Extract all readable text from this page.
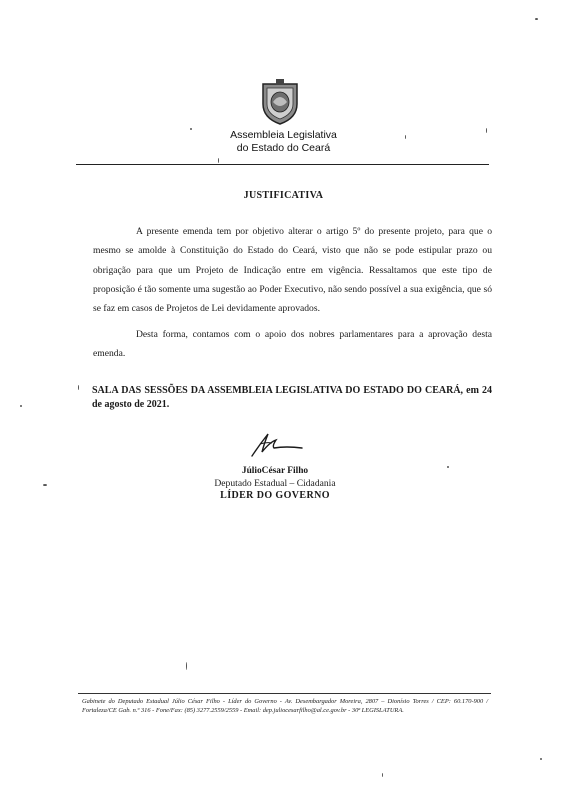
Assembleia Legislativa
do Estado do Ceará
JUSTIFICATIVA
A presente emenda tem por objetivo alterar o artigo 5º do presente projeto, para que o mesmo se amolde à Constituição do Estado do Ceará, visto que não se pode estipular prazo ou obrigação para que um Projeto de Indicação entre em vigência. Ressaltamos que este tipo de proposição é tão somente uma sugestão ao Poder Executivo, não sendo possível a sua exigência, que só se faz em casos de Projetos de Lei devidamente aprovados.
Desta forma, contamos com o apoio dos nobres parlamentares para a aprovação desta emenda.
SALA DAS SESSÕES DA ASSEMBLEIA LEGISLATIVA DO ESTADO DO CEARÁ, em 24 de agosto de 2021.
JúlioCésar Filho
Deputado Estadual – Cidadania
LÍDER DO GOVERNO
Gabinete do Deputado Estadual Júlio César Filho - Líder do Governo - Av. Desembargador Moreira, 2807 – Dionísio Torres / CEP: 60.170-900 / Fortaleza/CE Gab. n.º 316 - Fone/Fax: (85) 3277.2559/2559 - Email: dep.juliocesarfilho@al.ce.gov.br - 30ª LEGISLATURA.
